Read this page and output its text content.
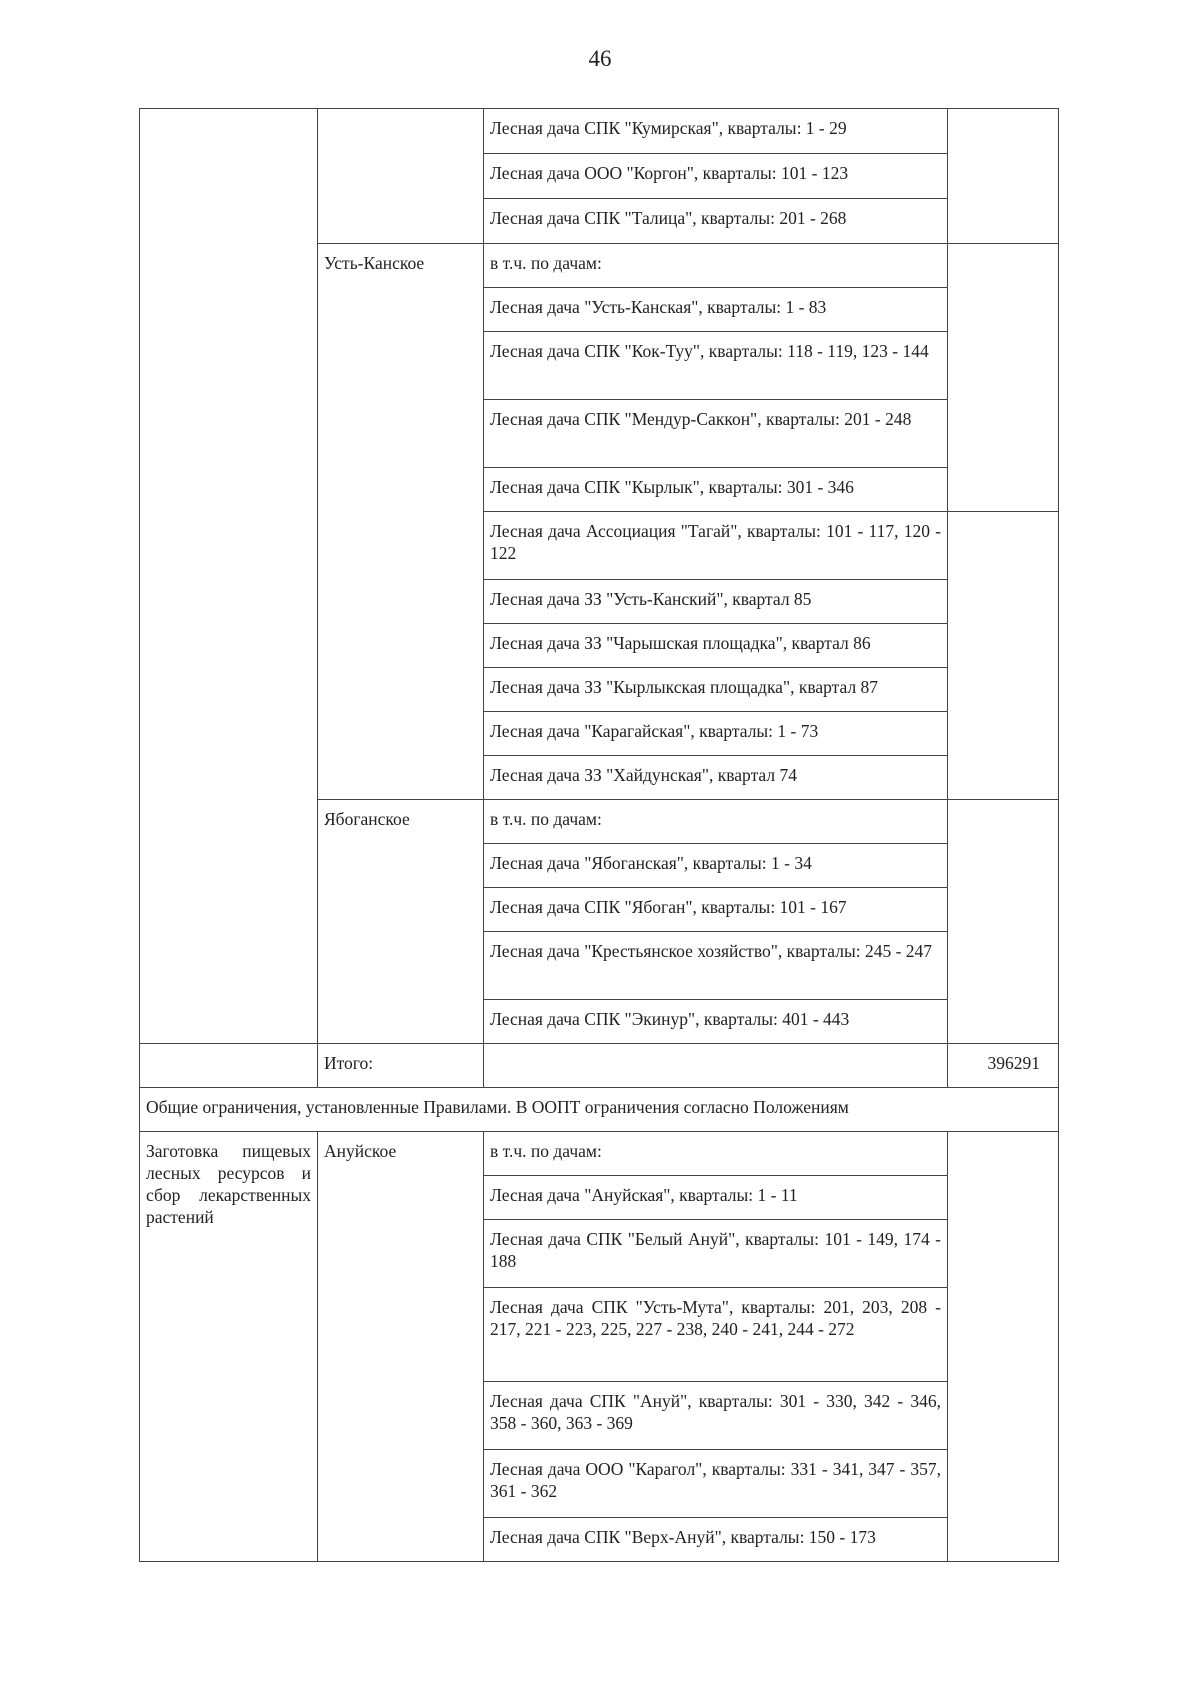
46
		Лесная дача СПК "Кумирская", кварталы: 1 - 29	
		Лесная дача ООО "Коргон", кварталы: 101 - 123	
		Лесная дача СПК "Талица", кварталы: 201 - 268	
	Усть-Канское	в т.ч. по дачам:	
		Лесная дача "Усть-Канская", кварталы: 1 - 83	
		Лесная дача СПК "Кок-Туу", кварталы: 118 - 119, 123 - 144	
		Лесная дача СПК "Мендур-Саккон", кварталы: 201 - 248	
		Лесная дача СПК "Кырлык", кварталы: 301 - 346	
		Лесная дача Ассоциация "Тагай", кварталы: 101 - 117, 120 - 122	
		Лесная дача ЗЗ "Усть-Канский", квартал 85	
		Лесная дача ЗЗ "Чарышская площадка", квартал 86	
		Лесная дача ЗЗ "Кырлыкская площадка", квартал 87	
		Лесная дача "Карагайская", кварталы: 1 - 73	
		Лесная дача ЗЗ "Хайдунская", квартал 74	
	Ябоганское	в т.ч. по дачам:	
		Лесная дача "Ябоганская", кварталы: 1 - 34	
		Лесная дача СПК "Ябоган", кварталы: 101 - 167	
		Лесная дача "Крестьянское хозяйство", кварталы: 245 - 247	
		Лесная дача СПК "Экинур", кварталы: 401 - 443	
	Итого:		396291
Общие ограничения, установленные Правилами. В ООПТ ограничения согласно Положениям			
Заготовка пищевых лесных ресурсов и сбор лекарственных растений	Ануйское	в т.ч. по дачам:	
		Лесная дача "Ануйская", кварталы: 1 - 11	
		Лесная дача СПК "Белый Ануй", кварталы: 101 - 149, 174 - 188	
		Лесная дача СПК "Усть-Мута", кварталы: 201, 203, 208 - 217, 221 - 223, 225, 227 - 238, 240 - 241, 244 - 272	
		Лесная дача СПК "Ануй", кварталы: 301 - 330, 342 - 346, 358 - 360, 363 - 369	
		Лесная дача ООО "Карагол", кварталы: 331 - 341, 347 - 357, 361 - 362	
		Лесная дача СПК "Верх-Ануй", кварталы: 150 - 173	
